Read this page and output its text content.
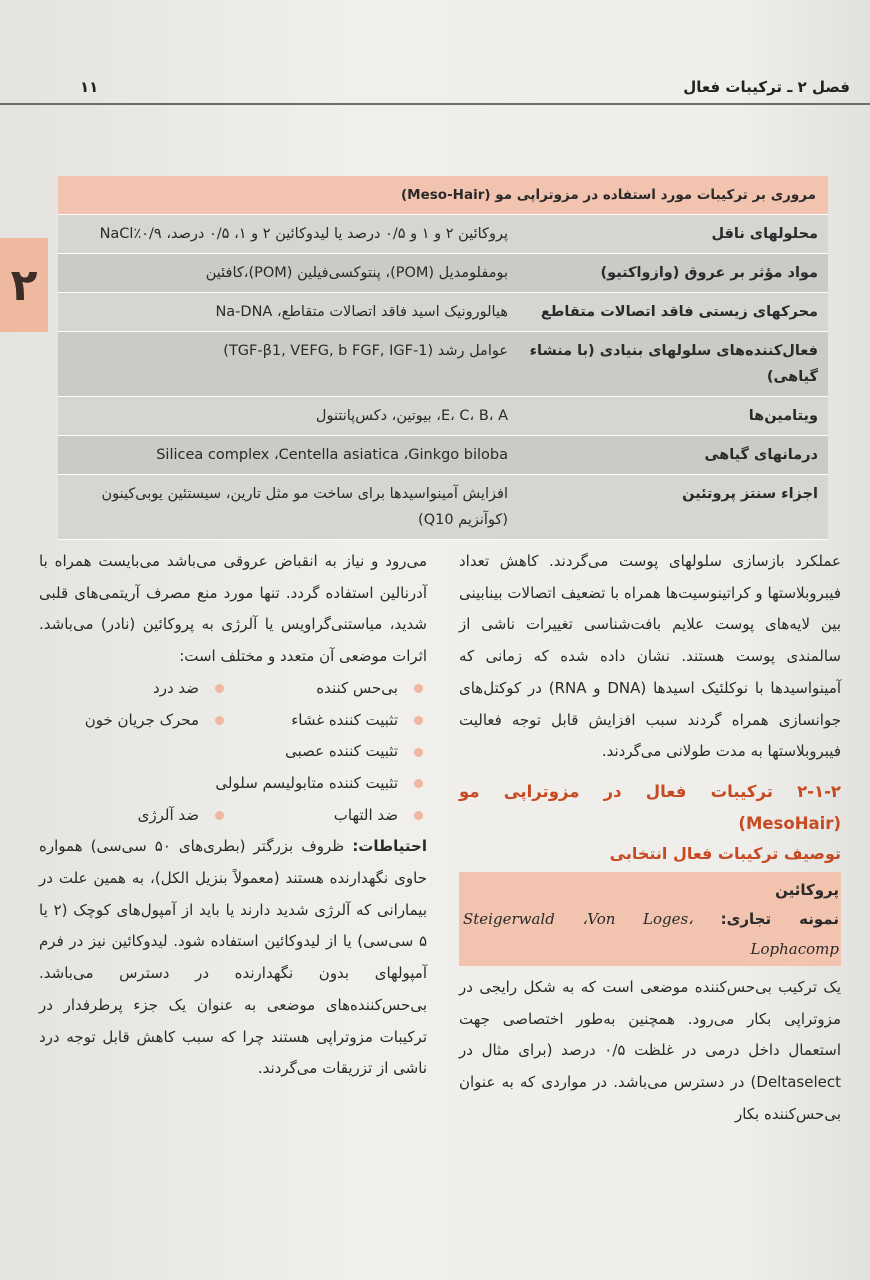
فصل ۲ ـ ترکیبات فعال
۱۱
۲
مروری بر ترکیبات مورد استفاده در مزوتراپی مو (Meso-Hair)	
محلولهای ناقل	پروکائین ۲ و ۱ و ۰/۵ درصد یا لیدوکائین ۲ و ۱، ۰/۵ درصد، NaCl٪۰/۹
مواد مؤثر بر عروق (وازواکتیو)	بومفلومدیل (POM)، پنتوکسی‌فیلین (POM)،کافئین
محرکهای زیستی فاقد اتصالات متقاطع	هیالورونیک اسید فاقد اتصالات متقاطع، Na-DNA
فعال‌کننده‌های سلولهای بنیادی (با منشاء گیاهی)	عوامل رشد (TGF-β1, VEFG, b FGF, IGF-1)
ویتامین‌ها	E، C، B، A، بیوتین، دکس‌پانتنول
درمانهای گیاهی	Silicea complex ،Centella asiatica ،Ginkgo biloba
اجزاء سنتز پروتئین	افزایش آمینواسیدها برای ساخت مو مثل تارین، سیستئین یوبی‌کینون (کوآنزیم Q10)

عملکرد بازسازی سلولهای پوست می‌گردند. کاهش تعداد فیبروبلاستها و کراتینوسیت‌ها همراه با تضعیف اتصالات بینابینی بین لایه‌های پوست علایم بافت‌شناسی تغییرات ناشی از سالمندی پوست هستند. نشان داده شده که زمانی که آمینواسیدها با نوکلئیک اسیدها (DNA و RNA) در کوکتل‌های جوانسازی همراه گردند سبب افزایش قابل توجه فعالیت فیبروبلاستها به مدت طولانی می‌گردند.

۲-۱-۲ ترکیبات فعال در مزوتراپی مو (MesoHair)
توصیف ترکیبات فعال انتخابی
پروکائین
نمونه تجاری: Steigerwald ،Von Loges، Lophacomp

یک ترکیب بی‌حس‌کننده موضعی است که به شکل رایجی در مزوتراپی بکار می‌رود. همچنین به‌طور اختصاصی جهت استعمال داخل درمی در غلظت ۰/۵ درصد (برای مثال در Deltaselect) در دسترس می‌باشد. در مواردی که به عنوان بی‌حس‌کننده بکار

می‌رود و نیاز به انقباض عروقی می‌باشد می‌بایست همراه با آدرنالین استفاده گردد. تنها مورد منع مصرف آریتمی‌های قلبی شدید، میاستنی‌گراویس یا آلرژی به پروکائین (نادر) می‌باشد. اثرات موضعی آن متعدد و مختلف است:

بی‌حس کننده
ضد درد
تثبیت کننده غشاء
محرک جریان خون
تثبیت کننده عصبی
تثبیت کننده متابولیسم سلولی
ضد التهاب
ضد آلرژی

احتیاطات: ظروف بزرگتر (بطری‌های ۵۰ سی‌سی) همواره حاوی نگهدارنده هستند (معمولاً بنزیل الکل)، به همین علت در بیمارانی که آلرژی شدید دارند یا باید از آمپول‌های کوچک (۲ یا ۵ سی‌سی) یا از لیدوکائین استفاده شود. لیدوکائین نیز در فرم آمپولهای بدون نگهدارنده در دسترس می‌باشد. بی‌حس‌کننده‌های موضعی به عنوان یک جزء پرطرفدار در ترکیبات مزوتراپی هستند چرا که سبب کاهش قابل توجه درد ناشی از تزریقات می‌گردند.
